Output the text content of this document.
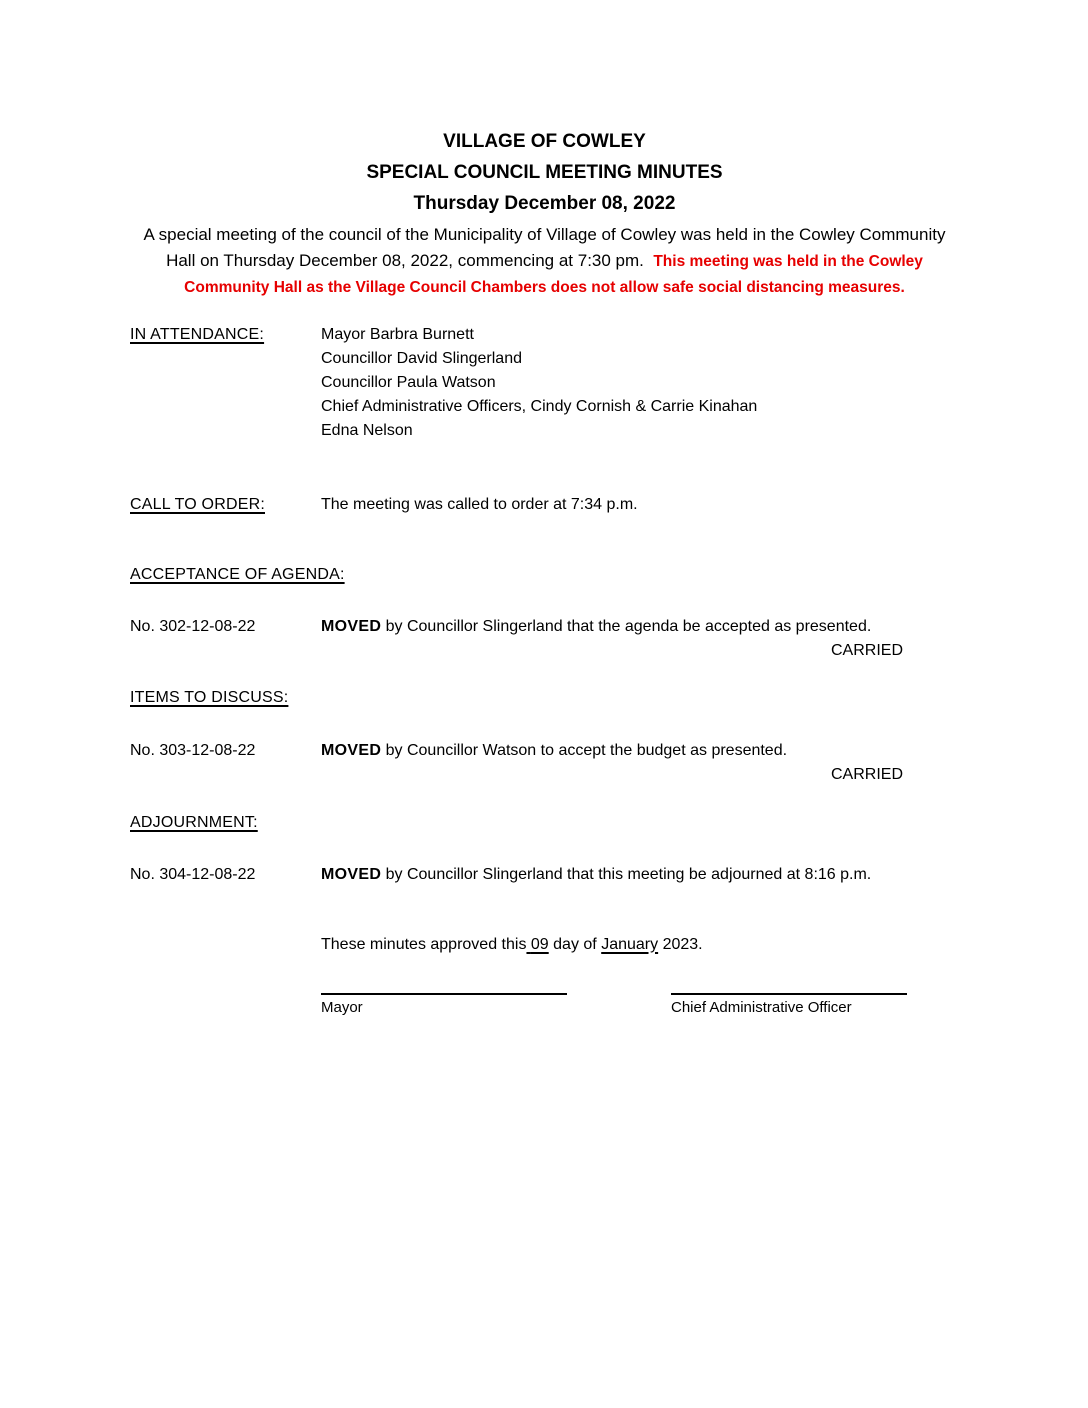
VILLAGE OF COWLEY
SPECIAL COUNCIL MEETING MINUTES
Thursday December 08, 2022
A special meeting of the council of the Municipality of Village of Cowley was held in the Cowley Community Hall on Thursday December 08, 2022, commencing at 7:30 pm. This meeting was held in the Cowley Community Hall as the Village Council Chambers does not allow safe social distancing measures.
IN ATTENDANCE:	Mayor Barbra Burnett
Councillor David Slingerland
Councillor Paula Watson
Chief Administrative Officers, Cindy Cornish & Carrie Kinahan
Edna Nelson
CALL TO ORDER:	The meeting was called to order at 7:34 p.m.
ACCEPTANCE OF AGENDA:
No. 302-12-08-22	MOVED by Councillor Slingerland that the agenda be accepted as presented.
CARRIED
ITEMS TO DISCUSS:
No. 303-12-08-22	MOVED by Councillor Watson to accept the budget as presented.
CARRIED
ADJOURNMENT:
No. 304-12-08-22	MOVED by Councillor Slingerland that this meeting be adjourned at 8:16 p.m.
These minutes approved this 09 day of January 2023.
Mayor	Chief Administrative Officer
